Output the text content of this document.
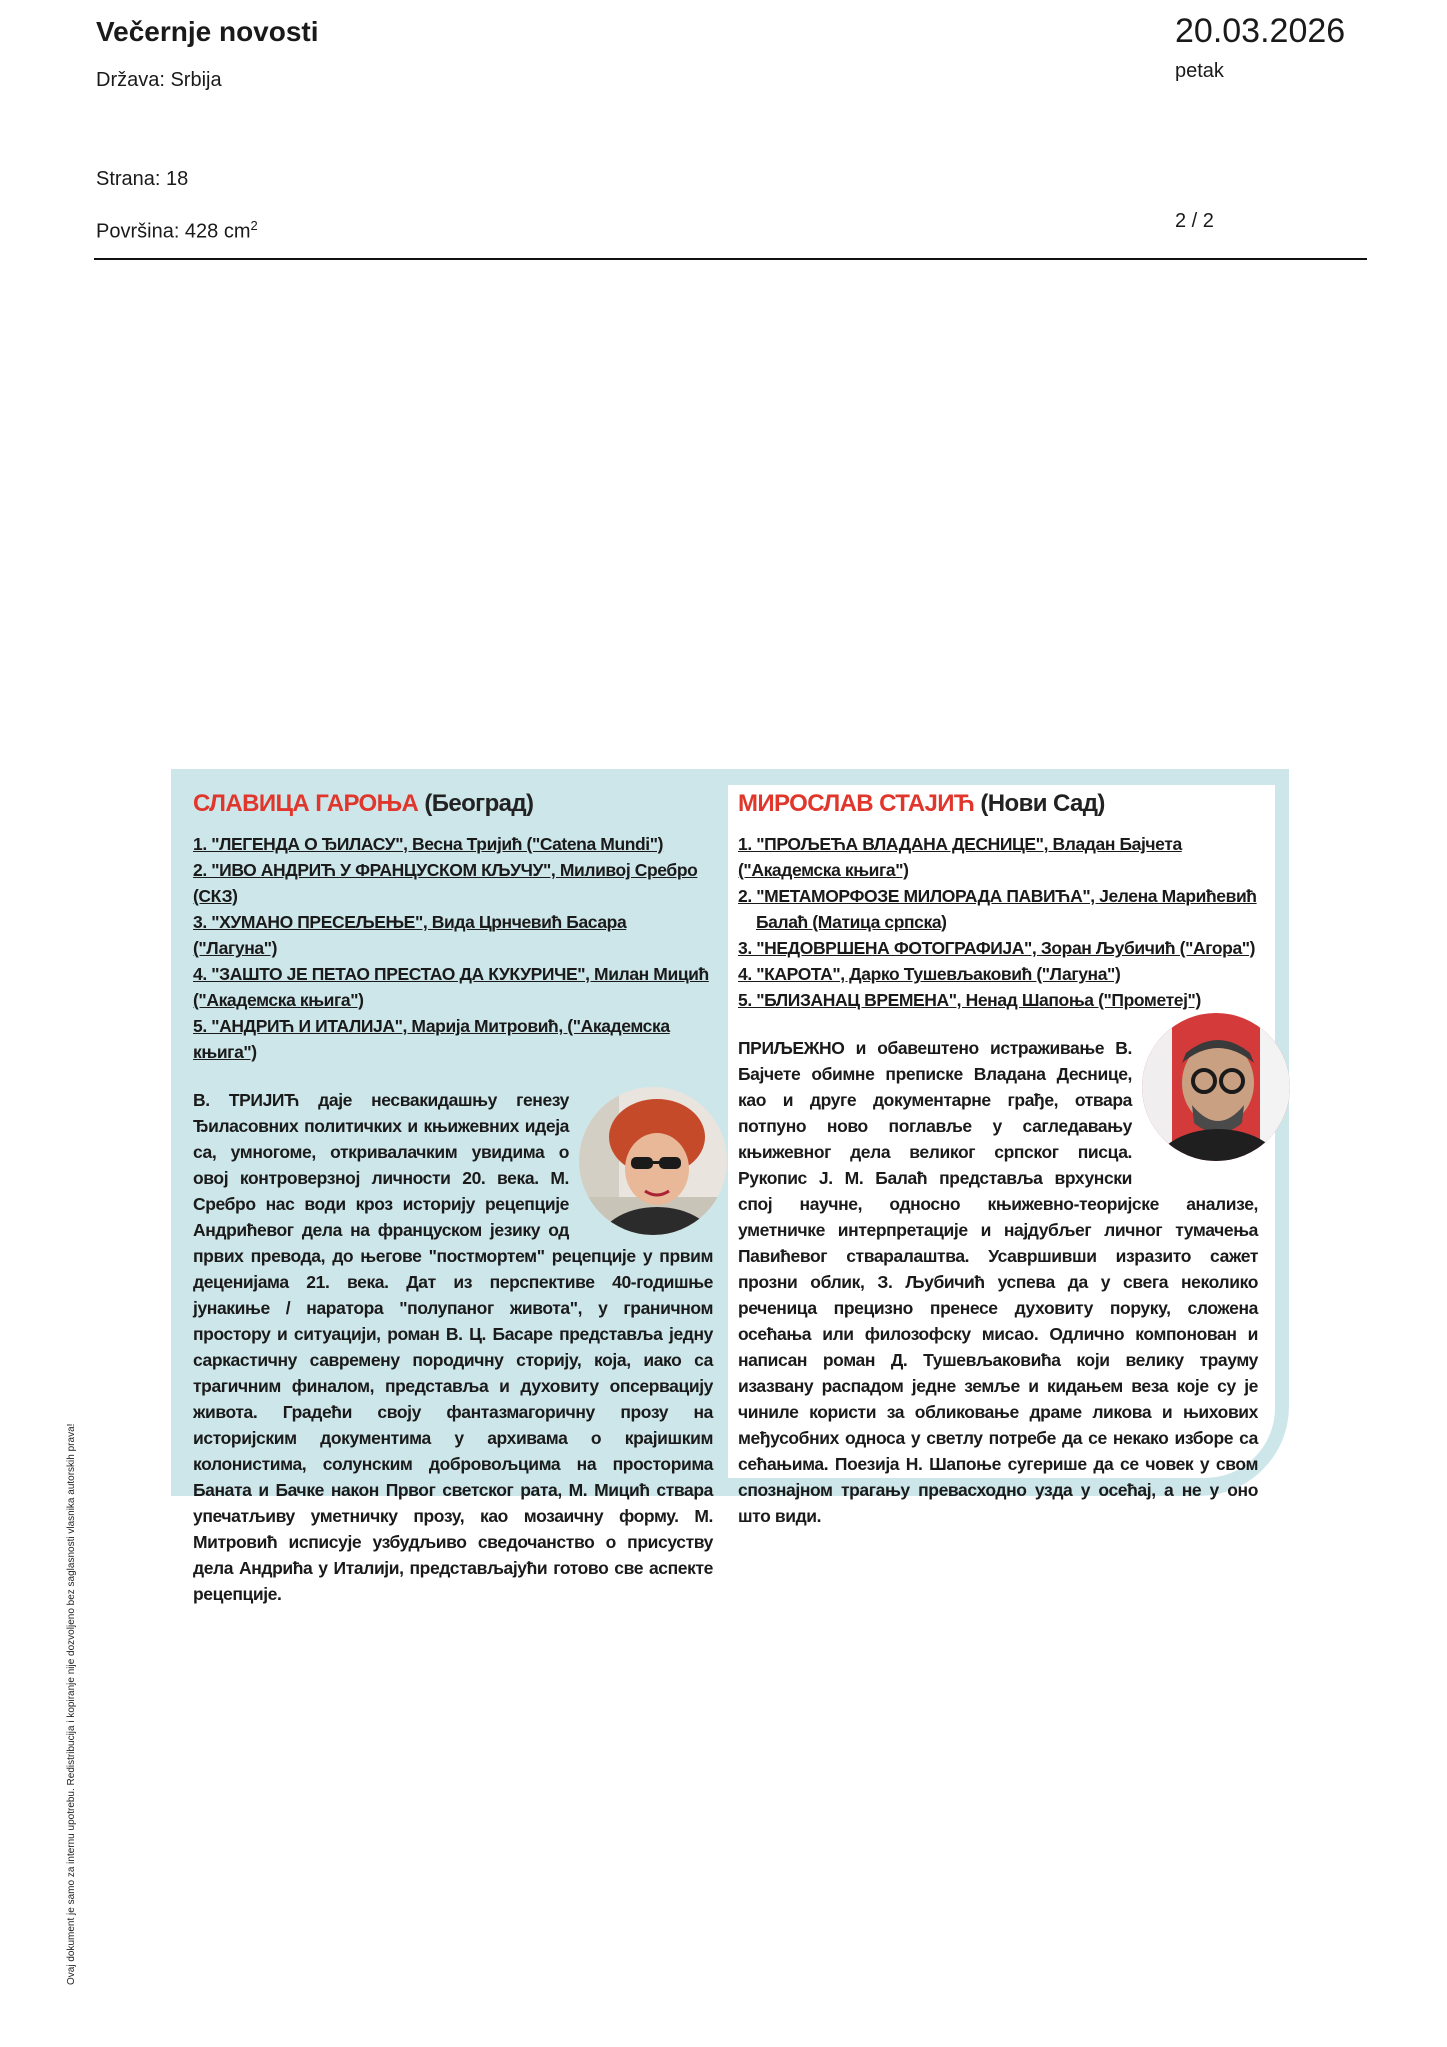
Večernje novosti
Država: Srbija
20.03.2026
petak
Strana: 18
Površina: 428 $cm^2$	2 / 2
Ovaj dokument je samo za internu upotrebu. Redistribucija i kopiranje nije dozvoljeno bez saglasnosti vlasnika autorskih prava!
СЛАВИЦА ГАРОЊА (Београд)
1. "ЛЕГЕНДА О ЂИЛАСУ", Весна Тријић ("Catena Mundi")
2. "ИВО АНДРИЋ У ФРАНЦУСКОМ КЉУЧУ", Миливој Сребро (СКЗ)
3. "ХУМАНО ПРЕСЕЉЕЊЕ", Вида Црнчевић Басара ("Лагуна")
4. "ЗАШТО ЈЕ ПЕТАО ПРЕСТАО ДА КУКУРИЧЕ", Милан Мицић
("Академска књига")
5. "АНДРИЋ И ИТАЛИЈА", Марија Митровић, ("Академска књига")
В. ТРИЈИЋ даје несвакидашњу генезу Ђиласовних политичких и књижевних идеја са, умногоме, откривалачким увидима о овој контроверзној личности 20. века. М. Сребро нас води кроз историју рецепције Андрићевог дела на француском језику од првих превода, до његове "постмортем" рецепције у првим деценијама 21. века. Дат из перспективе 40-годишње јунакиње / наратора "полупаног живота", у граничном простору и ситуацији, роман В. Ц. Басаре представља једну саркастичну савремену породичну сторију, која, иако са трагичним финалом, представља и духовиту опсервацију живота. Градећи своју фантазмагоричну прозу на историјским документима у архивама о крајишким колонистима, солунским добровољцима на просторима Баната и Бачке након Првог светског рата, М. Мицић ствара упечатљиву уметничку прозу, као мозаичну форму. М. Митровић исписује узбудљиво сведочанство о присуству дела Андрића у Италији, представљајући готово све аспекте рецепције.
МИРОСЛАВ СТАЈИЋ (Нови Сад)
1. "ПРОЉЕЋА ВЛАДАНА ДЕСНИЦЕ", Владан Бајчета ("Академска књига")
2. "МЕТАМОРФОЗЕ МИЛОРАДА ПАВИЋА", Јелена Марићевић
Балаћ (Матица српска)
3. "НЕДОВРШЕНА ФОТОГРАФИЈА", Зоран Љубичић ("Агора")
4. "КАРОТА", Дарко Тушевљаковић ("Лагуна")
5. "БЛИЗАНАЦ ВРЕМЕНА", Ненад Шапоња ("Прометеј")
ПРИЉЕЖНО и обавештено истраживање В. Бајчете обимне преписке Владана Деснице, као и друге документарне грађе, отвара потпуно ново поглавље у сагледавању књижевног дела великог српског писца. Рукопис Ј. М. Балаћ представља врхунски спој научне, односно књижевно-теоријске анализе, уметничке интерпретације и најдубљег личног тумачења Павићевог стваралаштва. Усавршивши изразито сажет прозни облик, З. Љубичић успева да у свега неколико реченица прецизно пренесе духовиту поруку, сложена осећања или филозофску мисао. Одлично компонован и написан роман Д. Тушевљаковића који велику трауму изазвану распадом једне земље и кидањем веза које су је чиниле користи за обликовање драме ликова и њихових међусобних односа у светлу потребе да се некако изборе са сећањима. Поезија Н. Шапоње сугерише да се човек у свом спознајном трагању превасходно узда у осећај, а не у оно што види.
